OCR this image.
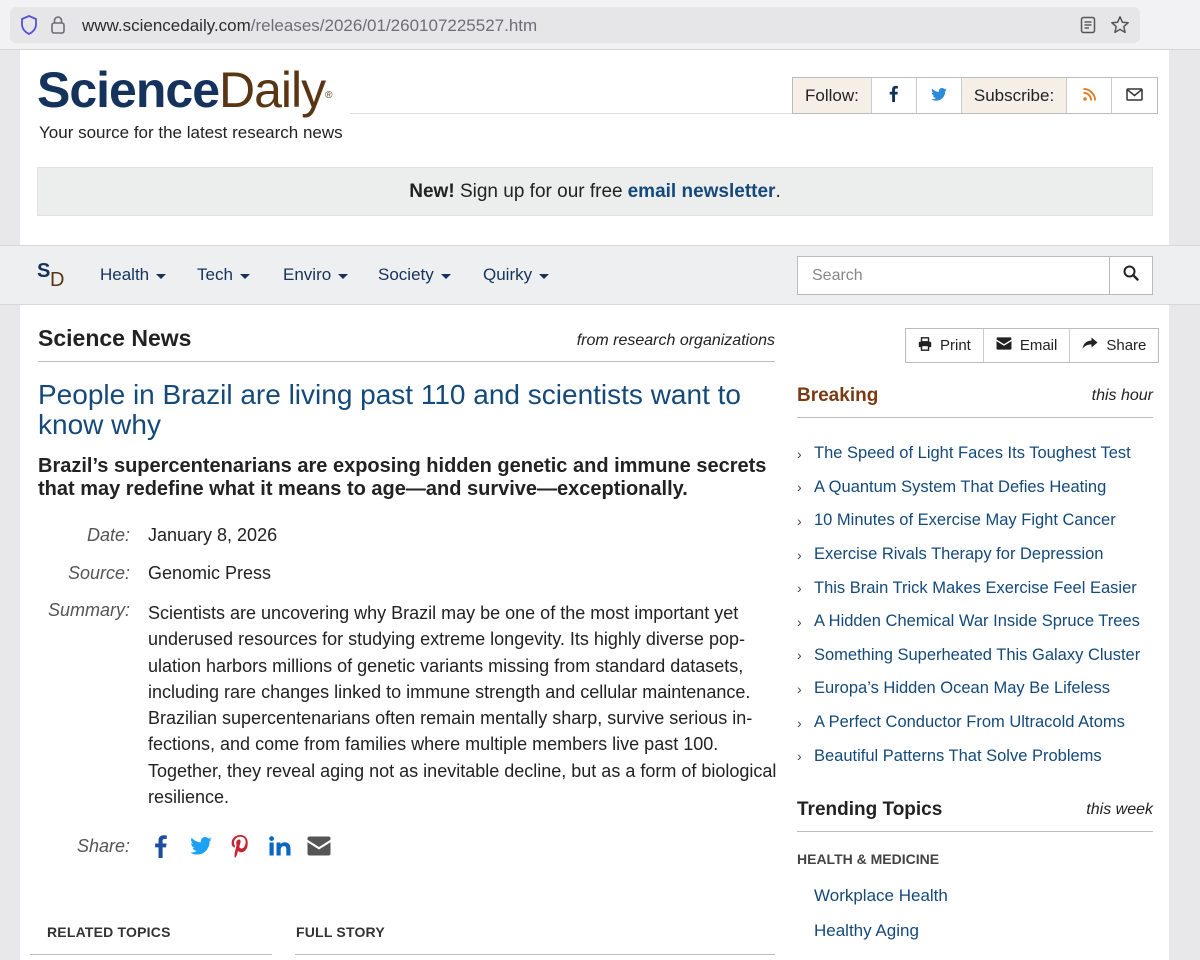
www.sciencedaily.com/releases/2026/01/260107225527.htm
ScienceDaily®
Your source for the latest research news
Follow:	Subscribe:
New!
Sign up for our free email newsletter .
S D Health	Tech	Enviro	Society	Quirky
Search
Science News	from research organizations
People in Brazil are living past 110 and scientists want to know why
Brazil’s supercentenarians are exposing hidden genetic and immune secrets that may redefine what it means to age—and survive—exceptionally.
Date: January 8, 2026
Source: Genomic Press
Summary: Scientists are uncovering why Brazil may be one of the most important yet underused resources for studying extreme longevity. Its highly diverse population harbors millions of genetic variants missing from standard datasets, including rare changes linked to immune strength and cellular maintenance. Brazilian supercentenarians often remain mentally sharp, survive serious infections, and come from families where multiple members live past 100. Together, they reveal aging not as inevitable decline, but as a form of biological resilience.
Share:
RELATED TOPICS	FULL STORY
Print	Email	Share
Breaking	this hour
› The Speed of Light Faces Its Toughest Test
› A Quantum System That Defies Heating
› 10 Minutes of Exercise May Fight Cancer
› Exercise Rivals Therapy for Depression
› This Brain Trick Makes Exercise Feel Easier
› A Hidden Chemical War Inside Spruce Trees
› Something Superheated This Galaxy Cluster
› Europa’s Hidden Ocean May Be Lifeless
› A Perfect Conductor From Ultracold Atoms
› Beautiful Patterns That Solve Problems
Trending Topics	this week
HEALTH & MEDICINE
Workplace Health
Healthy Aging
